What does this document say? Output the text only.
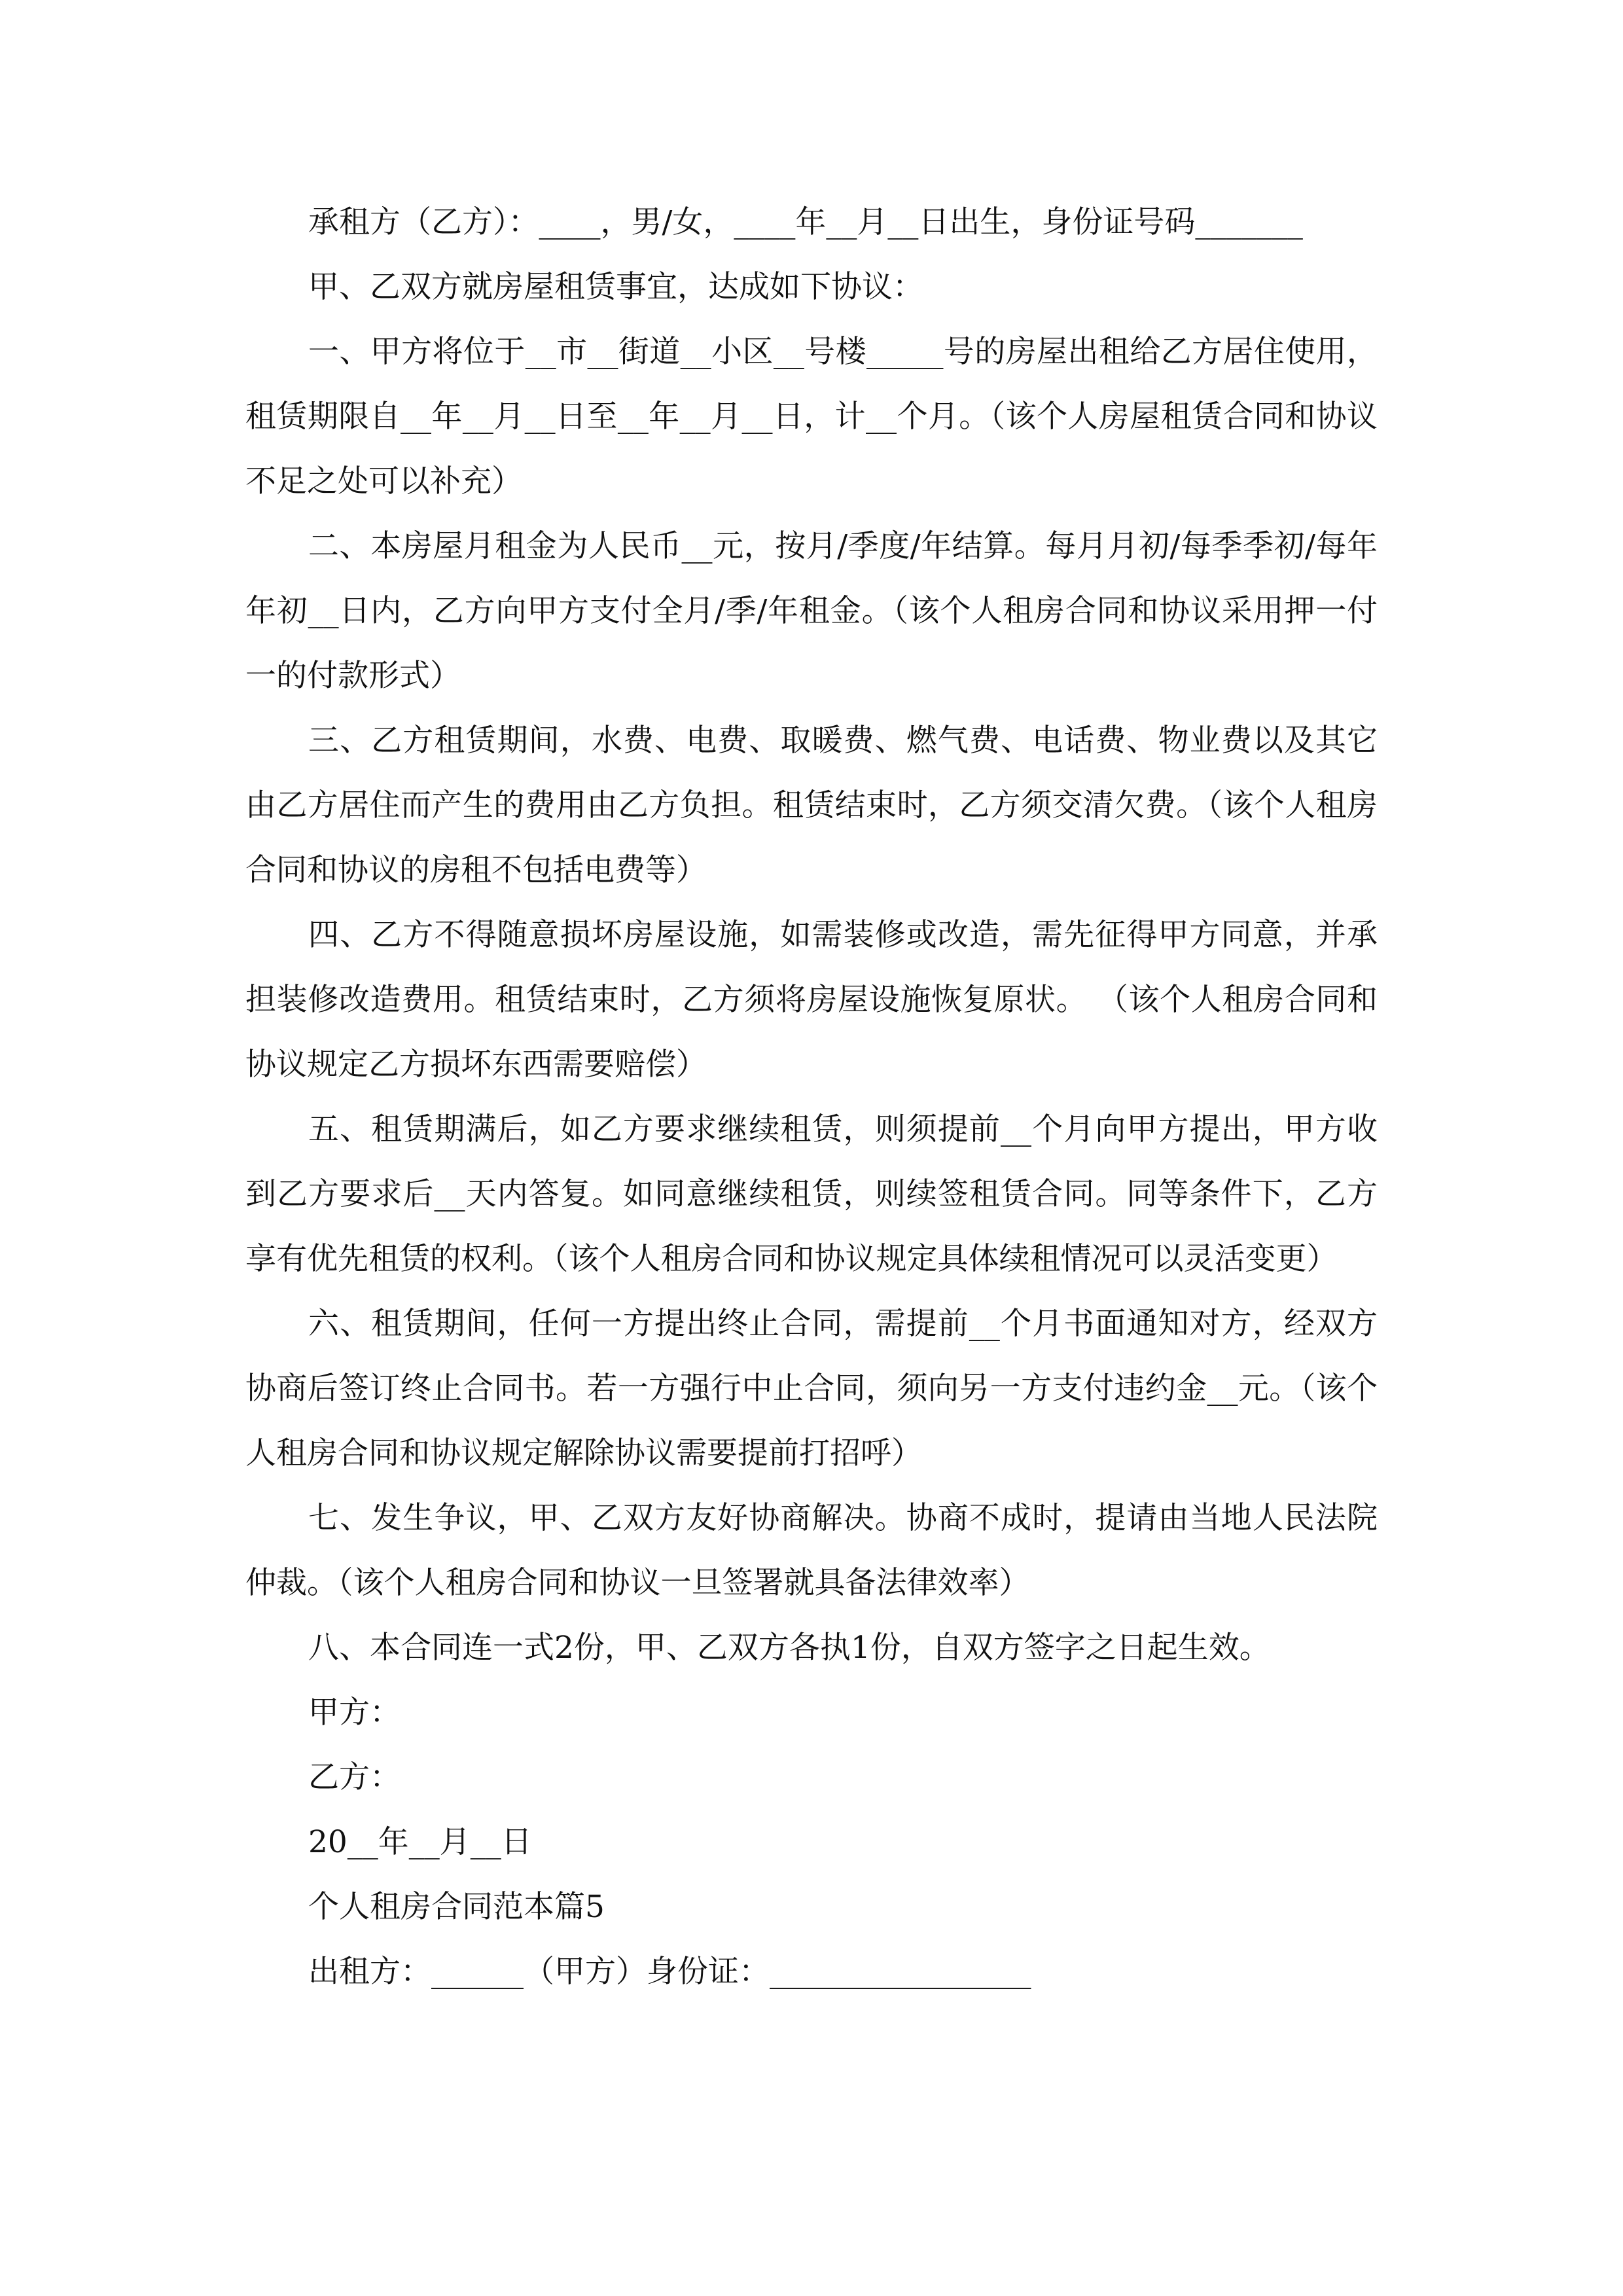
承租方（乙方）：____，男/女，____年__月__日出生，身份证号码_______

甲、乙双方就房屋租赁事宜，达成如下协议：

一、甲方将位于__市__街道__小区__号楼_____号的房屋出租给乙方居住使用，租赁期限自__年__月__日至__年__月__日，计__个月。（该个人房屋租赁合同和协议不足之处可以补充）

二、本房屋月租金为人民币__元，按月/季度/年结算。每月月初/每季季初/每年年初__日内，乙方向甲方支付全月/季/年租金。（该个人租房合同和协议采用押一付一的付款形式）

三、乙方租赁期间，水费、电费、取暖费、燃气费、电话费、物业费以及其它由乙方居住而产生的费用由乙方负担。租赁结束时，乙方须交清欠费。（该个人租房合同和协议的房租不包括电费等）

四、乙方不得随意损坏房屋设施，如需装修或改造，需先征得甲方同意，并承担装修改造费用。租赁结束时，乙方须将房屋设施恢复原状。 （该个人租房合同和协议规定乙方损坏东西需要赔偿）

五、租赁期满后，如乙方要求继续租赁，则须提前__个月向甲方提出，甲方收到乙方要求后__天内答复。如同意继续租赁，则续签租赁合同。同等条件下，乙方享有优先租赁的权利。（该个人租房合同和协议规定具体续租情况可以灵活变更）

六、租赁期间，任何一方提出终止合同，需提前__个月书面通知对方，经双方协商后签订终止合同书。若一方强行中止合同，须向另一方支付违约金__元。（该个人租房合同和协议规定解除协议需要提前打招呼）

七、发生争议，甲、乙双方友好协商解决。协商不成时，提请由当地人民法院仲裁。（该个人租房合同和协议一旦签署就具备法律效率）

八、本合同连一式2份，甲、乙双方各执1份，自双方签字之日起生效。

甲方：

乙方：

20__年__月__日

个人租房合同范本篇5

出租方：______（甲方）身份证：_________________
